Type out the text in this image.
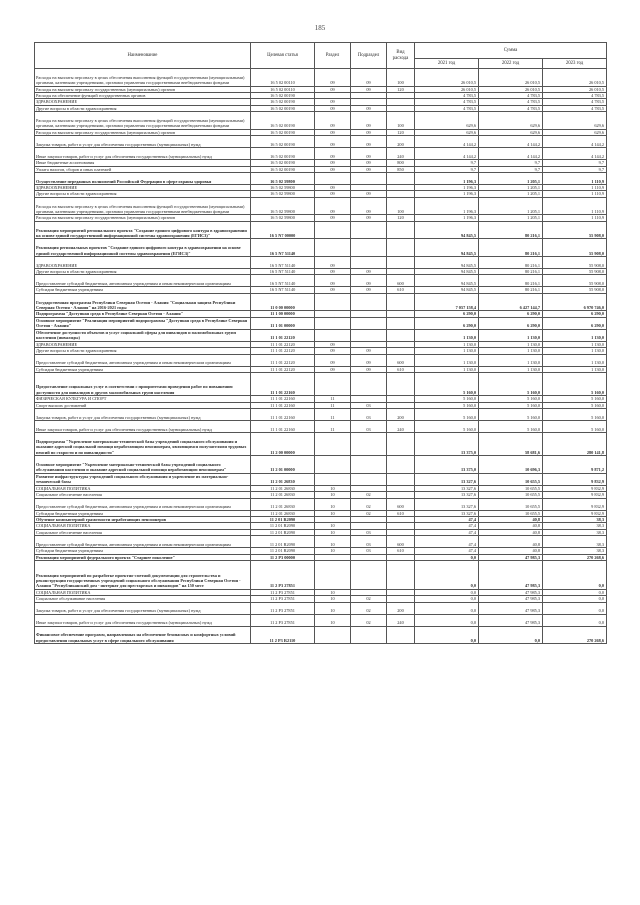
185
Наименование	Целевая статья	Раздел	Подраздел	Вид расхода	Сумма		
					2021 год	2022 год	2023 год
Расходы на выплаты персоналу в целях обеспечения выполнения функций государственными (муниципальными) органами, казенными учреждениями, органами управления государственными внебюджетными фондами	16 5 02 00110	09	09	100	26 010,5	26 010,5	26 010,5
Расходы на выплаты персоналу государственных (муниципальных) органов	16 5 02 00110	09	09	120	26 010,5	26 010,5	26 010,5
Расходы на обеспечение функций государственных органов	16 5 02 00190				4 783,5	4 783,5	4 783,5
ЗДРАВООХРАНЕНИЕ	16 5 02 00190	09			4 783,5	4 783,5	4 783,5
Другие вопросы в области здравоохранения	16 5 02 00190	09	09		4 783,5	4 783,5	4 783,5
Расходы на выплаты персоналу в целях обеспечения выполнения функций государственными (муниципальными) органами, казенными учреждениями, органами управления государственными внебюджетными фондами	16 5 02 00190	09	09	100	629,6	629,6	629,6
Расходы на выплаты персоналу государственных (муниципальных) органов	16 5 02 00190	09	09	120	629,6	629,6	629,6
Закупка товаров, работ и услуг для обеспечения государственных (муниципальных) нужд	16 5 02 00190	09	09	200	4 144,2	4 144,2	4 144,2
Иные закупки товаров, работ и услуг для обеспечения государственных (муниципальных) нужд	16 5 02 00190	09	09	240	4 144,2	4 144,2	4 144,2
Иные бюджетные ассигнования	16 5 02 00190	09	09	800	9,7	9,7	9,7
Уплата налогов, сборов и иных платежей	16 5 02 00190	09	09	850	9,7	9,7	9,7
Осуществление переданных полномочий Российской Федерации в сфере охраны здоровья	16 5 02 59800				1 196,3	1 205,1	1 110,9
ЗДРАВООХРАНЕНИЕ	16 5 02 59800	09			1 196,3	1 205,1	1 110,9
Другие вопросы в области здравоохранения	16 5 02 59800	09	09		1 196,3	1 205,1	1 110,9
Расходы на выплаты персоналу в целях обеспечения выполнения функций государственными (муниципальными) органами, казенными учреждениями, органами управления государственными внебюджетными фондами	16 5 02 59800	09	09	100	1 196,3	1 205,1	1 110,9
Расходы на выплаты персоналу государственных (муниципальных) органов	16 5 02 59800	09	09	120	1 196,3	1 205,1	1 110,9
Реализация мероприятий регионального проекта "Создание единого цифрового контура в здравоохранении на основе единой государственной информационной системы здравоохранения (ЕГИСЗ)"	16 5 N7 00000				94 845,5	80 216,1	55 908,0
Реализация региональных проектов "Создание единого цифрового контура в здравоохранении на основе единой государственной информационной системы здравоохранения (ЕГИСЗ)"	16 5 N7 51140				94 845,5	80 216,1	55 908,0
ЗДРАВООХРАНЕНИЕ	16 5 N7 51140	09			94 845,5	80 216,1	55 908,0
Другие вопросы в области здравоохранения	16 5 N7 51140	09	09		94 845,5	80 216,1	55 908,0
Предоставление субсидий бюджетным, автономным учреждениям и иным некоммерческим организациям	16 5 N7 51140	09	09	600	94 845,5	80 216,1	55 908,0
Субсидии бюджетным учреждениям	16 5 N7 51140	09	09	610	94 845,5	80 216,1	55 908,0
Государственная программа Республики Северная Осетия - Алания "Социальная защита Республики Северная Осетия - Алания" на 2016-2021 годы	11 0 00 00000				7 057 158,4	6 427 144,7	6 970 746,0
Подпрограмма "Доступная среда в Республике Северная Осетия - Алания"	11 1 00 00000				6 290,0	6 290,0	6 290,0
Основное мероприятие "Реализация мероприятий подпрограммы "Доступная среда в Республике Северная Осетия - Алания"	11 1 01 00000				6 290,0	6 290,0	6 290,0
Обеспечение доступности объектов и услуг социальной сферы для инвалидов и маломобильных групп населения (инвалиды)	11 1 01 22120				1 130,0	1 130,0	1 130,0
ЗДРАВООХРАНЕНИЕ	11 1 01 22120	09			1 130,0	1 130,0	1 130,0
Другие вопросы в области здравоохранения	11 1 01 22120	09	09		1 130,0	1 130,0	1 130,0
Предоставление субсидий бюджетным, автономным учреждениям и иным некоммерческим организациям	11 1 01 22120	09	09	600	1 130,0	1 130,0	1 130,0
Субсидии бюджетным учреждениям	11 1 01 22120	09	09	610	1 130,0	1 130,0	1 130,0
Предоставление социальных услуг в соответствии с приоритетами проведения работ по повышению доступности для инвалидов и других маломобильных групп населения	11 1 01 22160				5 160,0	5 160,0	5 160,0
ФИЗИЧЕСКАЯ КУЛЬТУРА И СПОРТ	11 1 01 22160	11			5 160,0	5 160,0	5 160,0
Спорт высших достижений	11 1 01 22160	11	03		5 160,0	5 160,0	5 160,0
Закупка товаров, работ и услуг для обеспечения государственных (муниципальных) нужд	11 1 01 22160	11	03	200	5 160,0	5 160,0	5 160,0
Иные закупки товаров, работ и услуг для обеспечения государственных (муниципальных) нужд	11 1 01 22160	11	03	240	5 160,0	5 160,0	5 160,0
Подпрограмма "Укрепление материально-технической базы учреждений социального обслуживания и оказание адресной социальной помощи неработающим пенсионерам, являющимся получателями трудовых пенсий по старости и по инвалидности"	11 2 00 00000				13 375,0	58 681,6	280 141,8
Основное мероприятие "Укрепление материально-технической базы учреждений социального обслуживания населения и оказание адресной социальной помощи неработающим пенсионерам"	11 2 01 00000				13 375,0	10 696,3	9 871,2
Развитие инфраструктуры учреждений социального обслуживания и укрепление их материально-технической базы	11 2 01 26830				13 327,6	10 655,5	9 832,9
СОЦИАЛЬНАЯ ПОЛИТИКА	11 2 01 26830	10			13 327,6	10 655,5	9 832,9
Социальное обеспечение населения	11 2 01 26830	10	02		13 327,6	10 655,5	9 832,9
Предоставление субсидий бюджетным, автономным учреждениям и иным некоммерческим организациям	11 2 01 26830	10	02	600	13 327,6	10 655,5	9 832,9
Субсидии бюджетным учреждениям	11 2 01 26830	10	02	610	13 327,6	10 655,5	9 832,9
Обучение компьютерной грамотности неработающих пенсионеров	11 2 01 R2090				47,4	40,8	38,3
СОЦИАЛЬНАЯ ПОЛИТИКА	11 2 01 R2090	10			47,4	40,8	38,3
Социальное обеспечение населения	11 2 01 R2090	10	03		47,4	40,8	38,3
Предоставление субсидий бюджетным, автономным учреждениям и иным некоммерческим организациям	11 2 01 R2090	10	03	600	47,4	40,8	38,3
Субсидии бюджетным учреждениям	11 2 01 R2090	10	03	610	47,4	40,8	38,3
Реализация мероприятий федерального проекта "Старшее поколение"	11 2 P3 00000				0,0	47 985,3	270 268,6
Реализация мероприятий по разработке проектно-сметной документации для строительства и реконструкции государственных учреждений социального обслуживания Республики Северная Осетия - Алания "Республиканский дом - интернат для престарелых и инвалидов" на 150 мест	11 2 P3 27851				0,0	47 985,3	0,0
СОЦИАЛЬНАЯ ПОЛИТИКА	11 2 P3 27851	10			0,0	47 985,3	0,0
Социальное обслуживание населения	11 2 P3 27851	10	02		0,0	47 985,3	0,0
Закупка товаров, работ и услуг для обеспечения государственных (муниципальных) нужд	11 2 P3 27851	10	02	200	0,0	47 985,3	0,0
Иные закупки товаров, работ и услуг для обеспечения государственных (муниципальных) нужд	11 2 P3 27851	10	02	240	0,0	47 985,3	0,0
Финансовое обеспечение программ, направленных на обеспечение безопасных и комфортных условий предоставления социальных услуг в сфере социального обслуживания	11 2 P3 R2110				0,0	0,0	270 268,6
